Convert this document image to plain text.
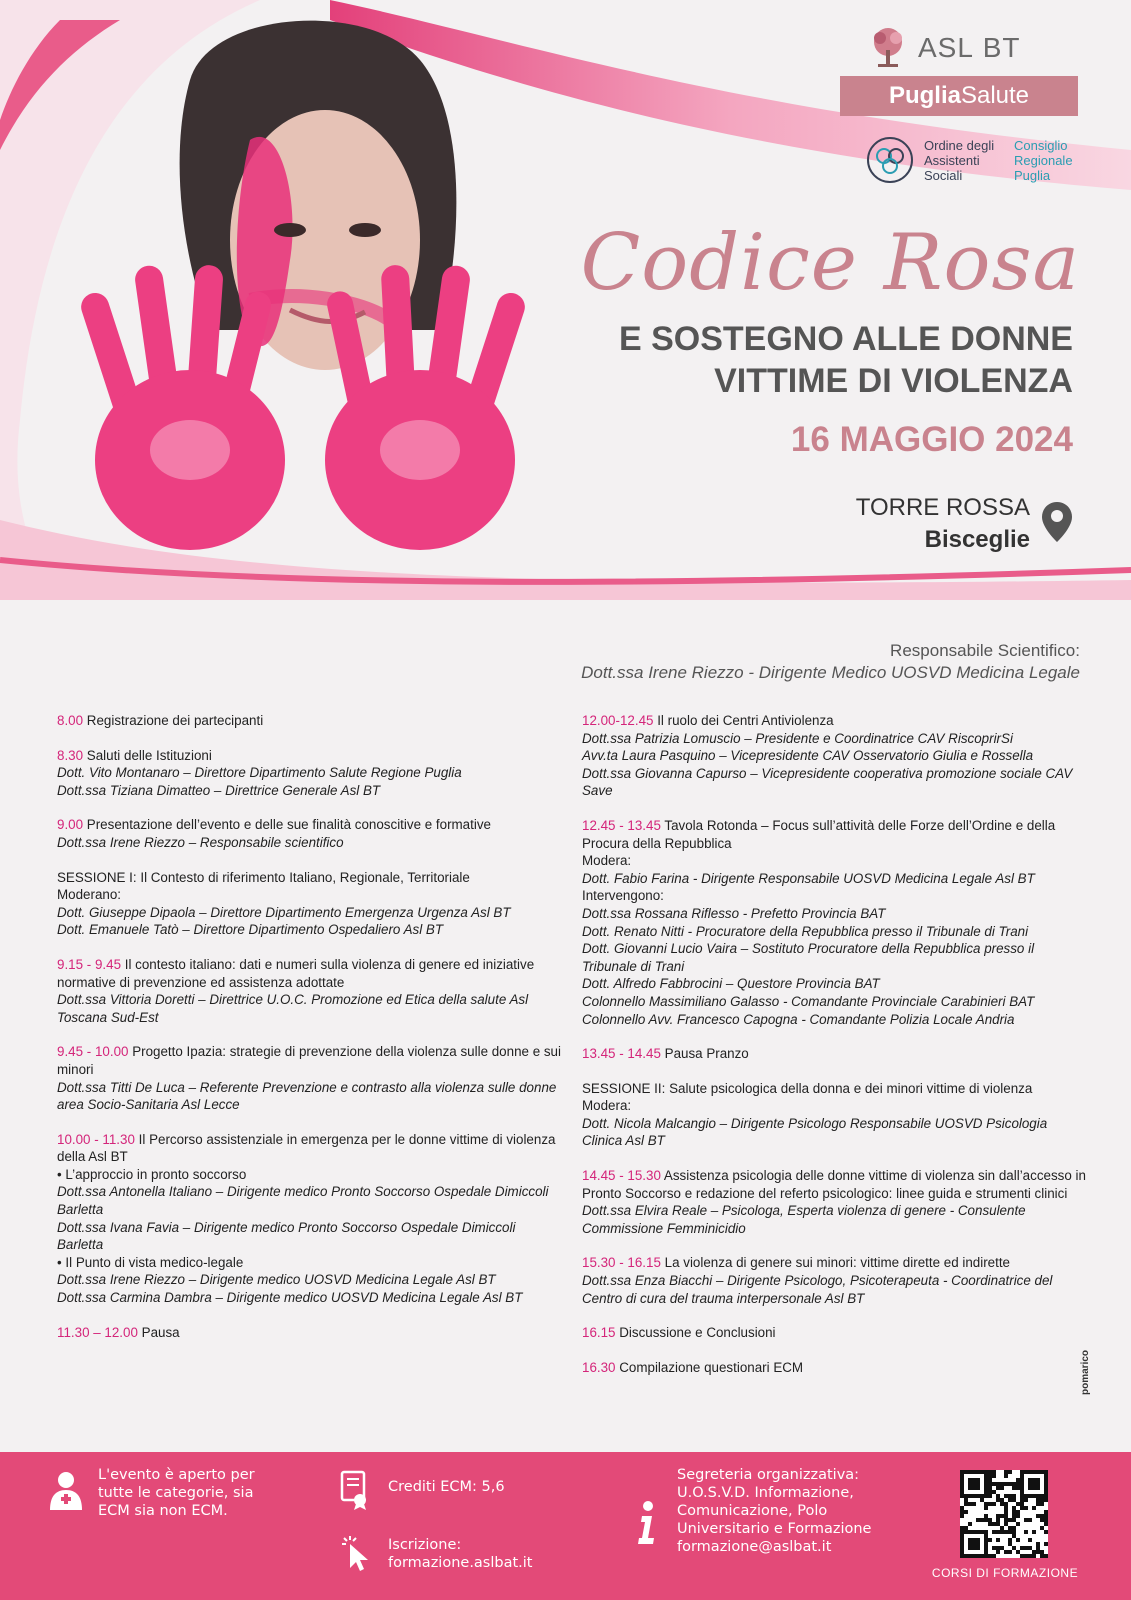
ASL BT
Puglia Salute
Ordine degli
Assistenti
Sociali
Consiglio
Regionale
Puglia
Codice Rosa
E SOSTEGNO ALLE DONNE
VITTIME DI VIOLENZA
16 MAGGIO 2024
TORRE ROSSA
Bisceglie
Responsabile Scientifico:
Dott.ssa Irene Riezzo - Dirigente Medico UOSVD Medicina Legale
8.00 Registrazione dei partecipanti
8.30 Saluti delle Istituzioni
Dott. Vito Montanaro – Direttore Dipartimento Salute Regione Puglia
Dott.ssa Tiziana Dimatteo – Direttrice Generale Asl BT
9.00 Presentazione dell’evento e delle sue finalità conoscitive e formative
Dott.ssa Irene Riezzo – Responsabile scientifico
SESSIONE I: Il Contesto di riferimento Italiano, Regionale, Territoriale
Moderano:
Dott. Giuseppe Dipaola – Direttore Dipartimento Emergenza Urgenza Asl BT
Dott. Emanuele Tatò – Direttore Dipartimento Ospedaliero Asl BT
9.15 - 9.45 Il contesto italiano: dati e numeri sulla violenza di genere ed iniziative normative di prevenzione ed assistenza adottate
Dott.ssa Vittoria Doretti – Direttrice U.O.C. Promozione ed Etica della salute Asl Toscana Sud-Est
9.45 - 10.00 Progetto Ipazia: strategie di prevenzione della violenza sulle donne e sui minori
Dott.ssa Titti De Luca – Referente Prevenzione e contrasto alla violenza sulle donne area Socio-Sanitaria Asl Lecce
10.00 - 11.30 Il Percorso assistenziale in emergenza per le donne vittime di violenza della Asl BT
• L’approccio in pronto soccorso
Dott.ssa Antonella Italiano – Dirigente medico Pronto Soccorso Ospedale Dimiccoli Barletta
Dott.ssa Ivana Favia – Dirigente medico Pronto Soccorso Ospedale Dimiccoli Barletta
• Il Punto di vista medico-legale
Dott.ssa Irene Riezzo – Dirigente medico UOSVD Medicina Legale Asl BT
Dott.ssa Carmina Dambra – Dirigente medico UOSVD Medicina Legale Asl BT
11.30 – 12.00 Pausa
12.00-12.45 Il ruolo dei Centri Antiviolenza
Dott.ssa Patrizia Lomuscio – Presidente e Coordinatrice CAV RiscoprirSi
Avv.ta Laura Pasquino – Vicepresidente CAV Osservatorio Giulia e Rossella
Dott.ssa Giovanna Capurso – Vicepresidente cooperativa promozione sociale CAV Save
12.45 - 13.45 Tavola Rotonda – Focus sull’attività delle Forze dell’Ordine e della Procura della Repubblica
Modera:
Dott. Fabio Farina - Dirigente Responsabile UOSVD Medicina Legale Asl BT
Intervengono:
Dott.ssa Rossana Riflesso - Prefetto Provincia BAT
Dott. Renato Nitti - Procuratore della Repubblica presso il Tribunale di Trani
Dott. Giovanni Lucio Vaira – Sostituto Procuratore della Repubblica presso il Tribunale di Trani
Dott. Alfredo Fabbrocini – Questore Provincia BAT
Colonnello Massimiliano Galasso - Comandante Provinciale Carabinieri BAT
Colonnello Avv. Francesco Capogna - Comandante Polizia Locale Andria
13.45 - 14.45 Pausa Pranzo
SESSIONE II: Salute psicologica della donna e dei minori vittime di violenza
Modera:
Dott. Nicola Malcangio – Dirigente Psicologo Responsabile UOSVD Psicologia Clinica Asl BT
14.45 - 15.30 Assistenza psicologia delle donne vittime di violenza sin dall’accesso in Pronto Soccorso e redazione del referto psicologico: linee guida e strumenti clinici
Dott.ssa Elvira Reale – Psicologa, Esperta violenza di genere - Consulente Commissione Femminicidio
15.30 - 16.15 La violenza di genere sui minori: vittime dirette ed indirette
Dott.ssa Enza Biacchi – Dirigente Psicologo, Psicoterapeuta - Coordinatrice del Centro di cura del trauma interpersonale Asl BT
16.15 Discussione e Conclusioni
16.30 Compilazione questionari ECM	pomarico
L'evento è aperto per tutte le categorie, sia ECM sia non ECM.
Crediti ECM: 5,6
Iscrizione:
formazione.aslbat.it
Segreteria organizzativa: U.O.S.V.D. Informazione, Comunicazione, Polo Universitario e Formazione
formazione@aslbat.it
CORSI DI FORMAZIONE
